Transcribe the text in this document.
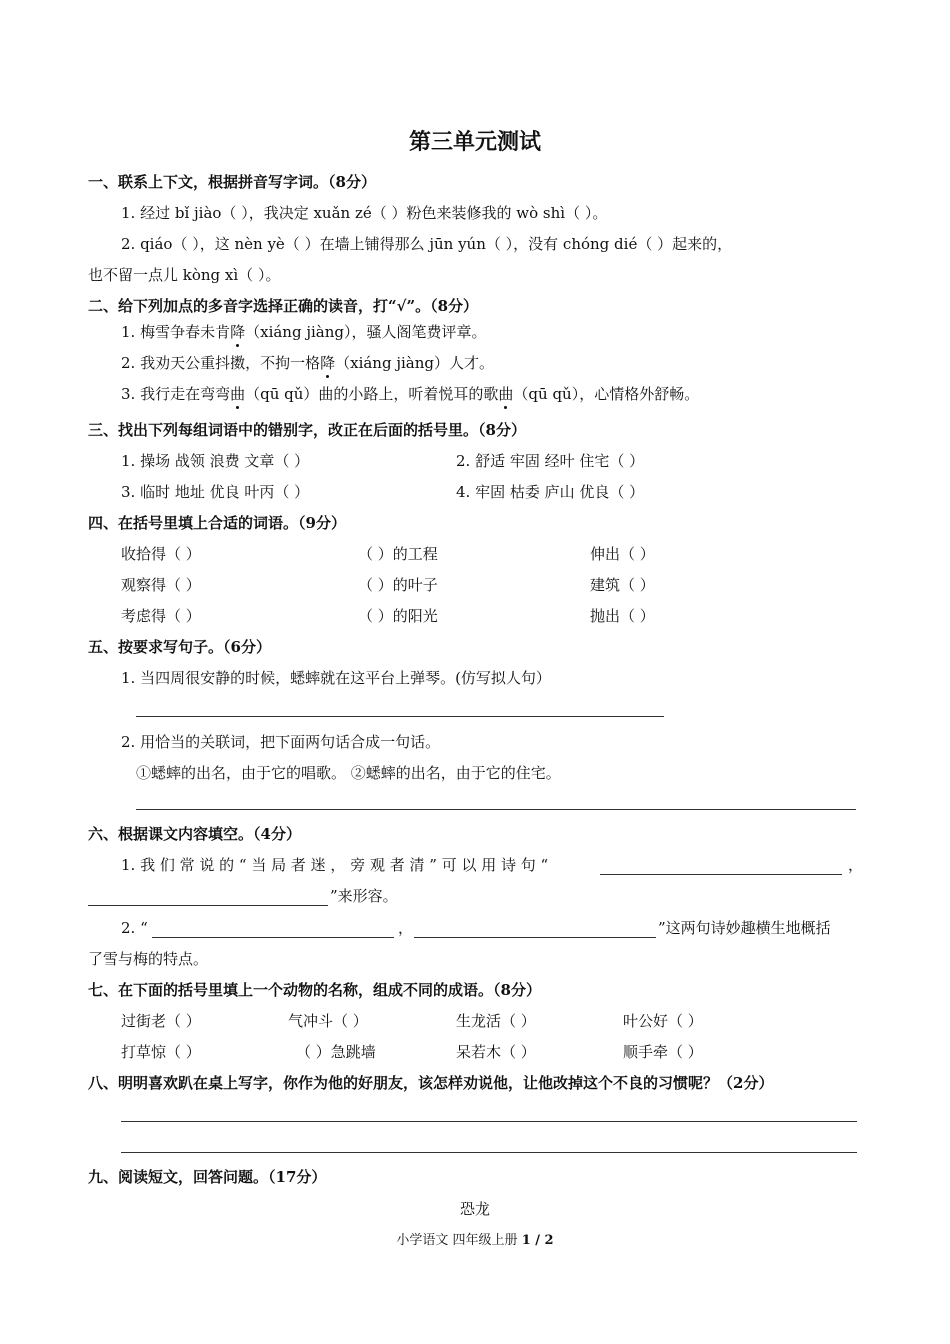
第三单元测试
一、联系上下文，根据拼音写字词。（8分）
1. 经过 bǐ jiào（ ），我决定 xuǎn zé（ ）粉色来装修我的 wò shì（ ）。
2. qiáo（ ），这 nèn yè（ ）在墙上铺得那么 jūn yún（ ），没有 chóng dié（ ）起来的，
也不留一点儿 kòng xì（ ）。
二、给下列加点的多音字选择正确的读音，打“√”。（8分）
1. 梅雪争春未肯降（xiáng jiàng），骚人阁笔费评章。
2. 我劝天公重抖擞，不拘一格降（xiáng jiàng）人才。
3. 我行走在弯弯曲（qū qǔ）曲的小路上，听着悦耳的歌曲（qū qǔ），心情格外舒畅。
三、找出下列每组词语中的错别字，改正在后面的括号里。（8分）
1. 操场 战领 浪费 文章（ ）	2. 舒适 牢固 经叶 住宅（ ）
3. 临时 地址 优良 叶丙（ ）	4. 牢固 枯委 庐山 优良（ ）
四、在括号里填上合适的词语。（9分）
收拾得（ ）	（ ）的工程	伸出（ ）
观察得（ ）	（ ）的叶子	建筑（ ）
考虑得（ ）	（ ）的阳光	抛出（ ）
五、按要求写句子。（6分）
1. 当四周很安静的时候，蟋蟀就在这平台上弹琴。(仿写拟人句）
2. 用恰当的关联词，把下面两句话合成一句话。
①蟋蟀的出名，由于它的唱歌。 ②蟋蟀的出名，由于它的住宅。
六、根据课文内容填空。（4分）
1. 我 们 常 说 的 “ 当 局 者 迷 ， 旁 观 者 清 ” 可 以 用 诗 句 “	，
”来形容。
2. “	，	”这两句诗妙趣横生地概括
了雪与梅的特点。
七、在下面的括号里填上一个动物的名称，组成不同的成语。（8分）
过街老（ ）	气冲斗（ ）	生龙活（ ）	叶公好（ ）
打草惊（ ）	（ ）急跳墙	呆若木（ ）	顺手牵（ ）
八、明明喜欢趴在桌上写字，你作为他的好朋友，该怎样劝说他，让他改掉这个不良的习惯呢？（2分）
九、阅读短文，回答问题。（17分）
恐龙
小学语文 四年级上册 1 / 2
